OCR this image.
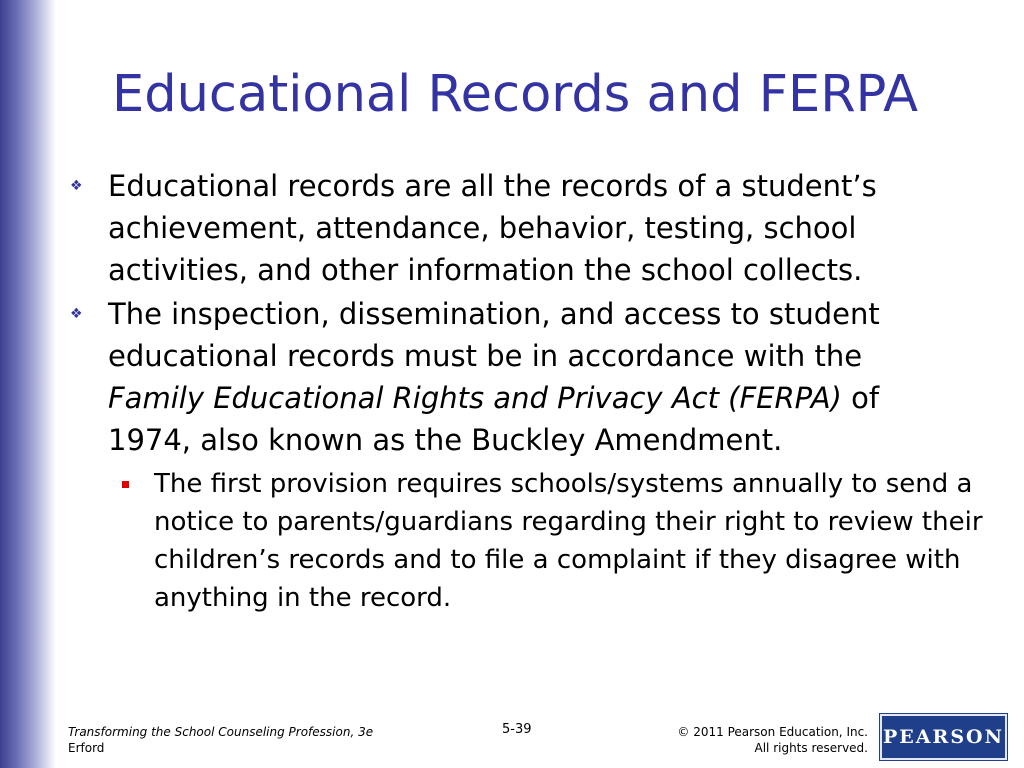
Educational Records and FERPA
❖ Educational records are all the records of a student’s achievement, attendance, behavior, testing, school activities, and other information the school collects.
❖ The inspection, dissemination, and access to student educational records must be in accordance with the Family Educational Rights and Privacy Act (FERPA) of 1974, also known as the Buckley Amendment.
The first provision requires schools/systems annually to send a notice to parents/guardians regarding their right to review their children’s records and to file a complaint if they disagree with anything in the record.
Transforming the School Counseling Profession, 3e
Erford
5-39	© 2011 Pearson Education, Inc.
All rights reserved. PEARSON
